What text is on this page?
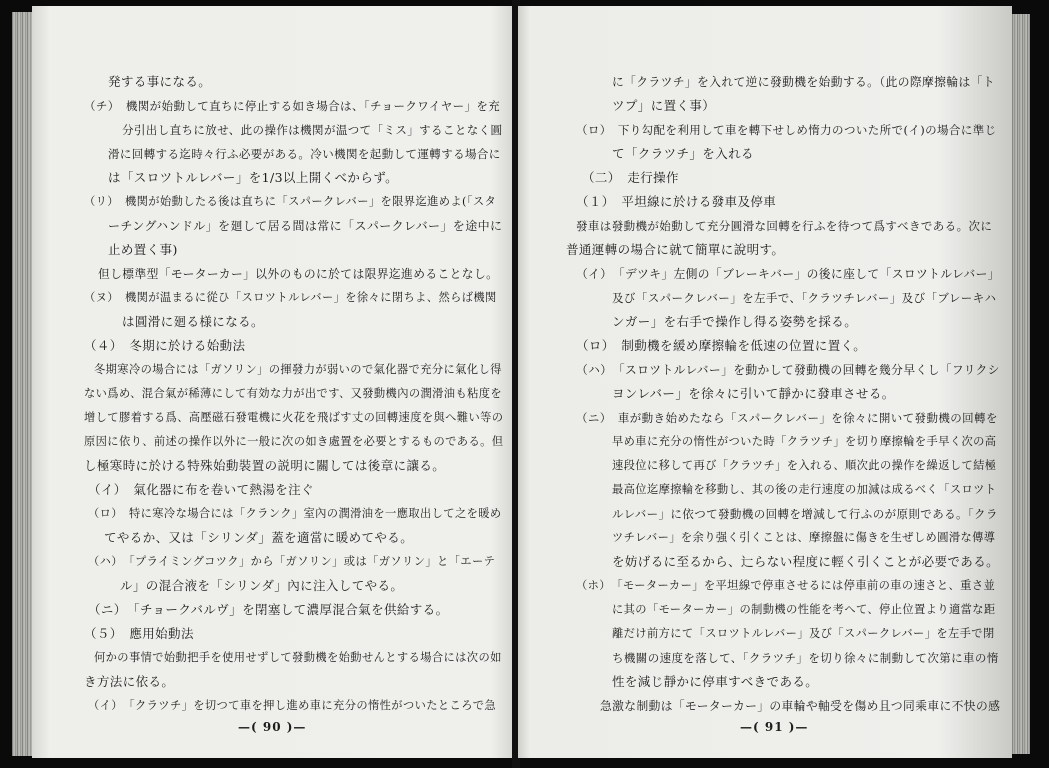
発する事になる。
（チ）　機関が始動して直ちに停止する如き場合は、「チョークワイヤー」を充
分引出し直ちに放せ、此の操作は機関が温つて「ミス」することなく圓
滑に回轉する迄時々行ふ必要がある。冷い機関を起動して運轉する場合に
は「スロツトルレバー」を1/3以上開くべからず。
（リ）　機関が始動したる後は直ちに「スパークレバー」を限界迄進めよ(「スタ
ーチングハンドル」を廻して居る間は常に「スパークレバー」を途中に
止め置く事)
但し標準型「モーターカー」以外のものに於ては限界迄進めることなし。
（ヌ）　機関が温まるに從ひ「スロツトルレバー」を徐々に閉ちよ、然らば機関
は圓滑に廻る様になる。
（４）　冬期に於ける始動法
冬期寒冷の場合には「ガソリン」の揮發力が弱いので氣化器で充分に氣化し得
ない爲め、混合氣が稀薄にして有効な力が出です、又發動機內の潤滑油も粘度を
增して膠着する爲、高壓磁石發電機に火花を飛ばす丈の回轉速度を與へ難い等の
原因に依り、前述の操作以外に一般に次の如き處置を必要とするものである。但
し極寒時に於ける特殊始動裝置の説明に關しては後章に讓る。
（イ）　氣化器に布を卷いて熱湯を注ぐ
（ロ）　特に寒冷な場合には「クランク」室內の潤滑油を一應取出して之を暖め
てやるか、又は「シリンダ」蓋を適當に暖めてやる。
（ハ）　「プライミングコツク」から「ガソリン」或は「ガソリン」と「エーテ
ル」の混合液を「シリンダ」內に注入してやる。
（ニ）　「チョークバルヴ」を閉塞して濃厚混合氣を供給する。
（５）　應用始動法
何かの事情で始動把手を使用せずして發動機を始動せんとする場合には次の如
き方法に依る。
（イ）　「クラツチ」を切つて車を押し進め車に充分の惰性がついたところで急
—( 90 )—
に「クラツチ」を入れて逆に發動機を始動する。（此の際摩擦輪は「ト
ツプ」に置く事）
（ロ）　下り勾配を利用して車を轉下せしめ惰力のついた所で(イ)の場合に準じ
て「クラツチ」を入れる
（二）　走行操作
（１）　平坦線に於ける發車及停車
發車は發動機が始動して充分圓滑な回轉を行ふを待つて爲すべきである。次に
普通運轉の場合に就て簡單に說明す。
（イ）　「デツキ」左側の「ブレーキバー」の後に座して「スロツトルレバー」
及び「スパークレバー」を左手で、「クラツチレバー」及び「ブレーキハ
ンガー」を右手で操作し得る姿勢を採る。
（ロ）　制動機を緩め摩擦輪を低速の位置に置く。
（ハ）　「スロツトルレバー」を動かして發動機の回轉を幾分早くし「フリクシ
ヨンレバー」を徐々に引いて靜かに發車させる。
（ニ）　車が動き始めたなら「スパークレバー」を徐々に開いて發動機の回轉を
早め車に充分の惰性がついた時「クラツチ」を切り摩擦輪を手早く次の高
速段位に移して再び「クラツチ」を入れる、順次此の操作を繰返して結極
最高位迄摩擦輪を移動し、其の後の走行速度の加減は成るべく「スロツト
ルレバー」に依つて發動機の回轉を增減して行ふのが原則である。「クラ
ツチレバー」を余り强く引くことは、摩擦盤に傷きを生ぜしめ圓滑な傳導
を妨げるに至るから、辷らない程度に輕く引くことが必要である。
（ホ）　「モーターカー」を平坦線で停車させるには停車前の車の速さと、重さ並
に其の「モーターカー」の制動機の性能を考へて、停止位置より適當な距
離だけ前方にて「スロツトルレバー」及び「スパークレバー」を左手で閉
ち機關の速度を落して、「クラツチ」を切り徐々に制動して次第に車の惰
性を減じ靜かに停車すべきである。
急激な制動は「モーターカー」の車輪や軸受を傷め且つ同乘車に不快の感
—( 91 )—
